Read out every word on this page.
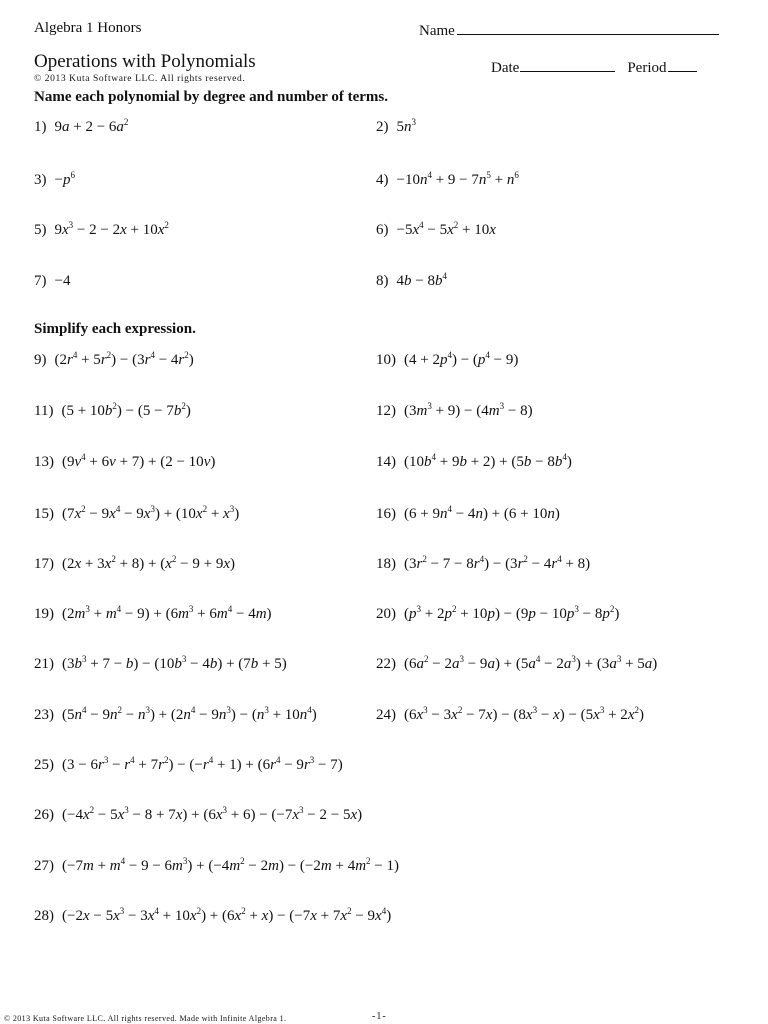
Algebra 1 Honors	Name
Operations with Polynomials	Date	Period
© 2013 Kuta Software LLC. All rights reserved.
Name each polynomial by degree and number of terms.
Simplify each expression.
1) $9a + 2 - 6a^2$	2) $5n^3$
$3) -p^6$	$4) -10n^4 + 9 - 7n^5 + n^6$
5) $9x^3 - 2 - 2x + 10x^2$	$6) -5x^4 - 5x^2 + 10x$
7) −4	8) $4b - 8b^4$
9) $(2r^4 + 5r^2) - (3r^4 - 4r^2)$	10) $(4 + 2p^4) - (p^4 - 9)$
11) $(5 + 10b^2) - (5 - 7b^2)$	12) $(3m^3 + 9) - (4m^3 - 8)$
13) $(9v^4 + 6v + 7) + (2 - 10v)$	14) $(10b^4 + 9b + 2) + (5b - 8b^4)$
15) $(7x^2 - 9x^4 - 9x^3) + (10x^2 + x^3)$	16) $(6 + 9n^4 - 4n) + (6 + 10n)$
17) $(2x + 3x^2 + 8) + (x^2 - 9 + 9x)$	18) $(3r^2 - 7 - 8r^4) - (3r^2 - 4r^4 + 8)$
19) $(2m^3 + m^4 - 9) + (6m^3 + 6m^4 - 4m)$	20) $(p^3 + 2p^2 + 10p) - (9p - 10p^3 - 8p^2)$
21) $(3b^3 + 7 - b) - (10b^3 - 4b) + (7b + 5)$	22) $(6a^2 - 2a^3 - 9a) + (5a^4 - 2a^3) + (3a^3 + 5a)$
23) $(5n^4 - 9n^2 - n^3) + (2n^4 - 9n^3) - (n^3 + 10n^4)$	24) $(6x^3 - 3x^2 - 7x) - (8x^3 - x) - (5x^3 + 2x^2)$
25) $(3 - 6r^3 - r^4 + 7r^2) - (-r^4 + 1) + (6r^4 - 9r^3 - 7)$
26) $(-4x^2 - 5x^3 - 8 + 7x) + (6x^3 + 6) - (-7x^3 - 2 - 5x)$
27) $(-7m + m^4 - 9 - 6m^3) + (-4m^2 - 2m) - (-2m + 4m^2 - 1)$
28) $(-2x - 5x^3 - 3x^4 + 10x^2) + (6x^2 + x) - (-7x + 7x^2 - 9x^4)$
© 2013 Kuta Software LLC. All rights reserved. Made with Infinite Algebra 1.	-1-
